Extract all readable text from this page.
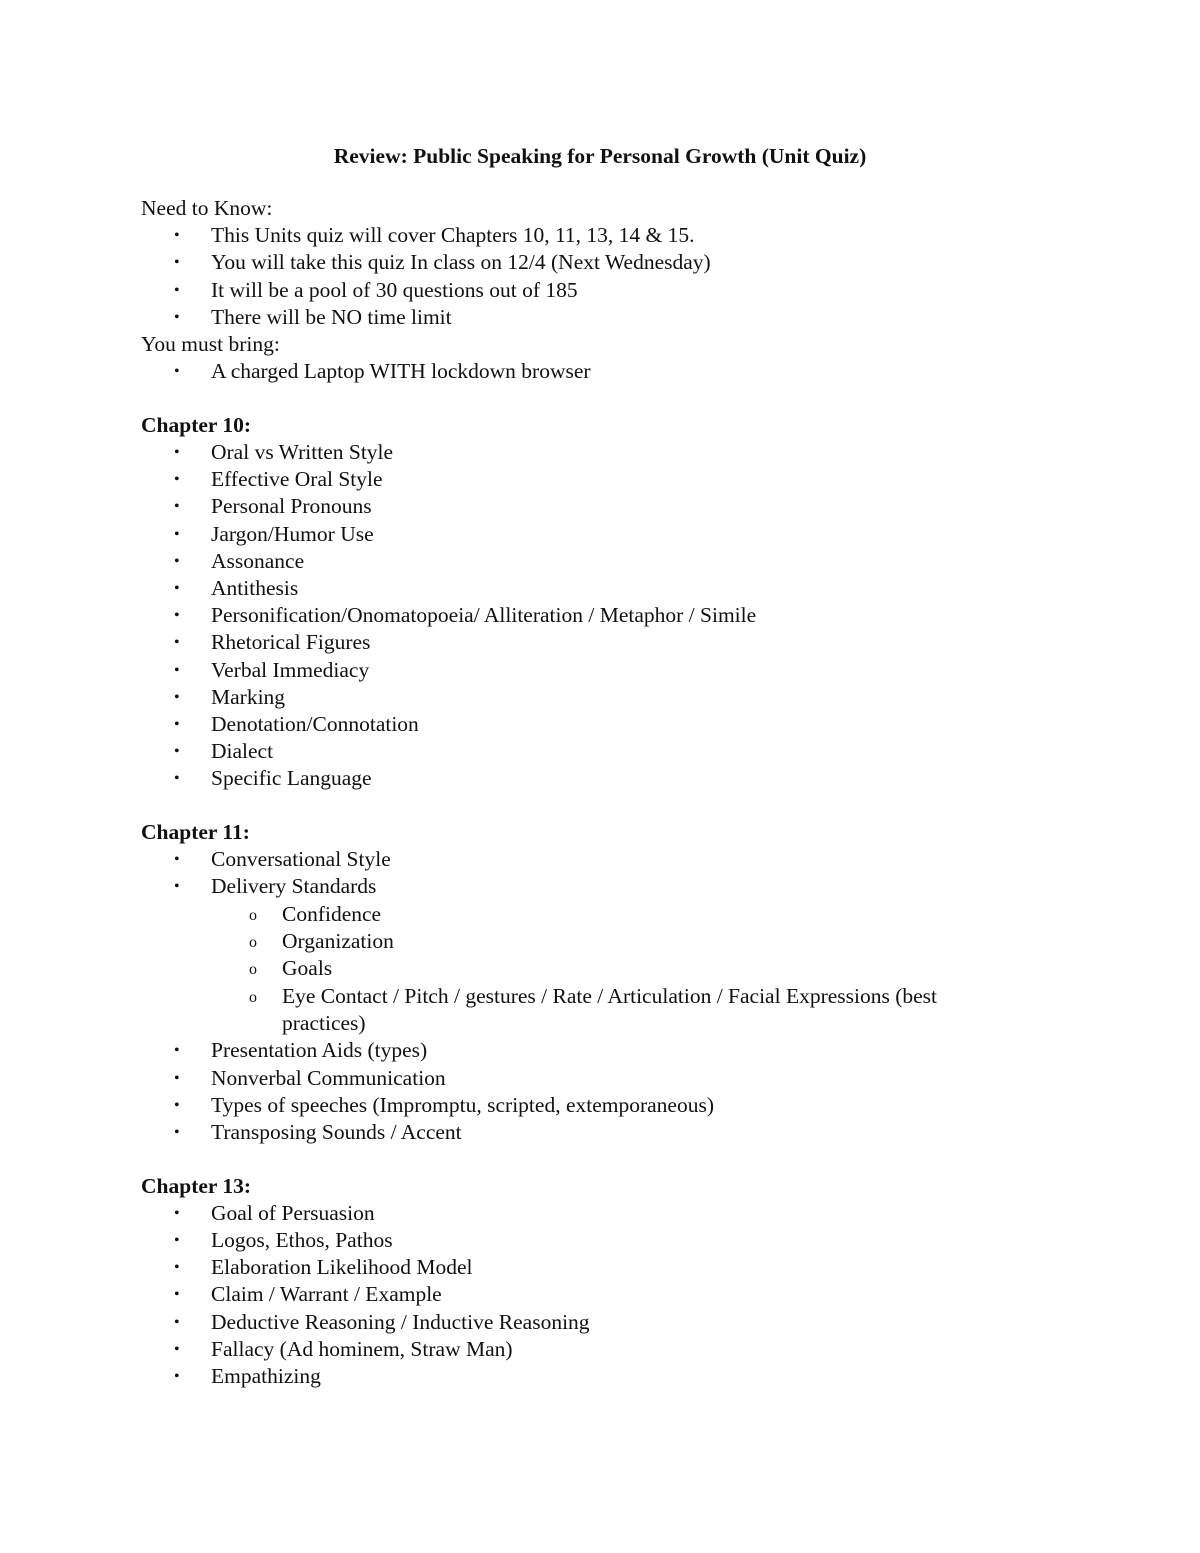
Review: Public Speaking for Personal Growth (Unit Quiz)
Need to Know:
• This Units quiz will cover Chapters 10, 11, 13, 14 & 15.
• You will take this quiz In class on 12/4 (Next Wednesday)
• It will be a pool of 30 questions out of 185
• There will be NO time limit
You must bring:
• A charged Laptop WITH lockdown browser
Chapter 10:
• Oral vs Written Style
• Effective Oral Style
• Personal Pronouns
• Jargon/Humor Use
• Assonance
• Antithesis
• Personification/Onomatopoeia/ Alliteration / Metaphor / Simile
• Rhetorical Figures
• Verbal Immediacy
• Marking
• Denotation/Connotation
• Dialect
• Specific Language
Chapter 11:
• Conversational Style
• Delivery Standards
o Confidence
o Organization
o Goals
o Eye Contact / Pitch / gestures / Rate / Articulation / Facial Expressions (best
practices)
• Presentation Aids (types)
• Nonverbal Communication
• Types of speeches (Impromptu, scripted, extemporaneous)
• Transposing Sounds / Accent
Chapter 13:
• Goal of Persuasion
• Logos, Ethos, Pathos
• Elaboration Likelihood Model
• Claim / Warrant / Example
• Deductive Reasoning / Inductive Reasoning
• Fallacy (Ad hominem, Straw Man)
• Empathizing
